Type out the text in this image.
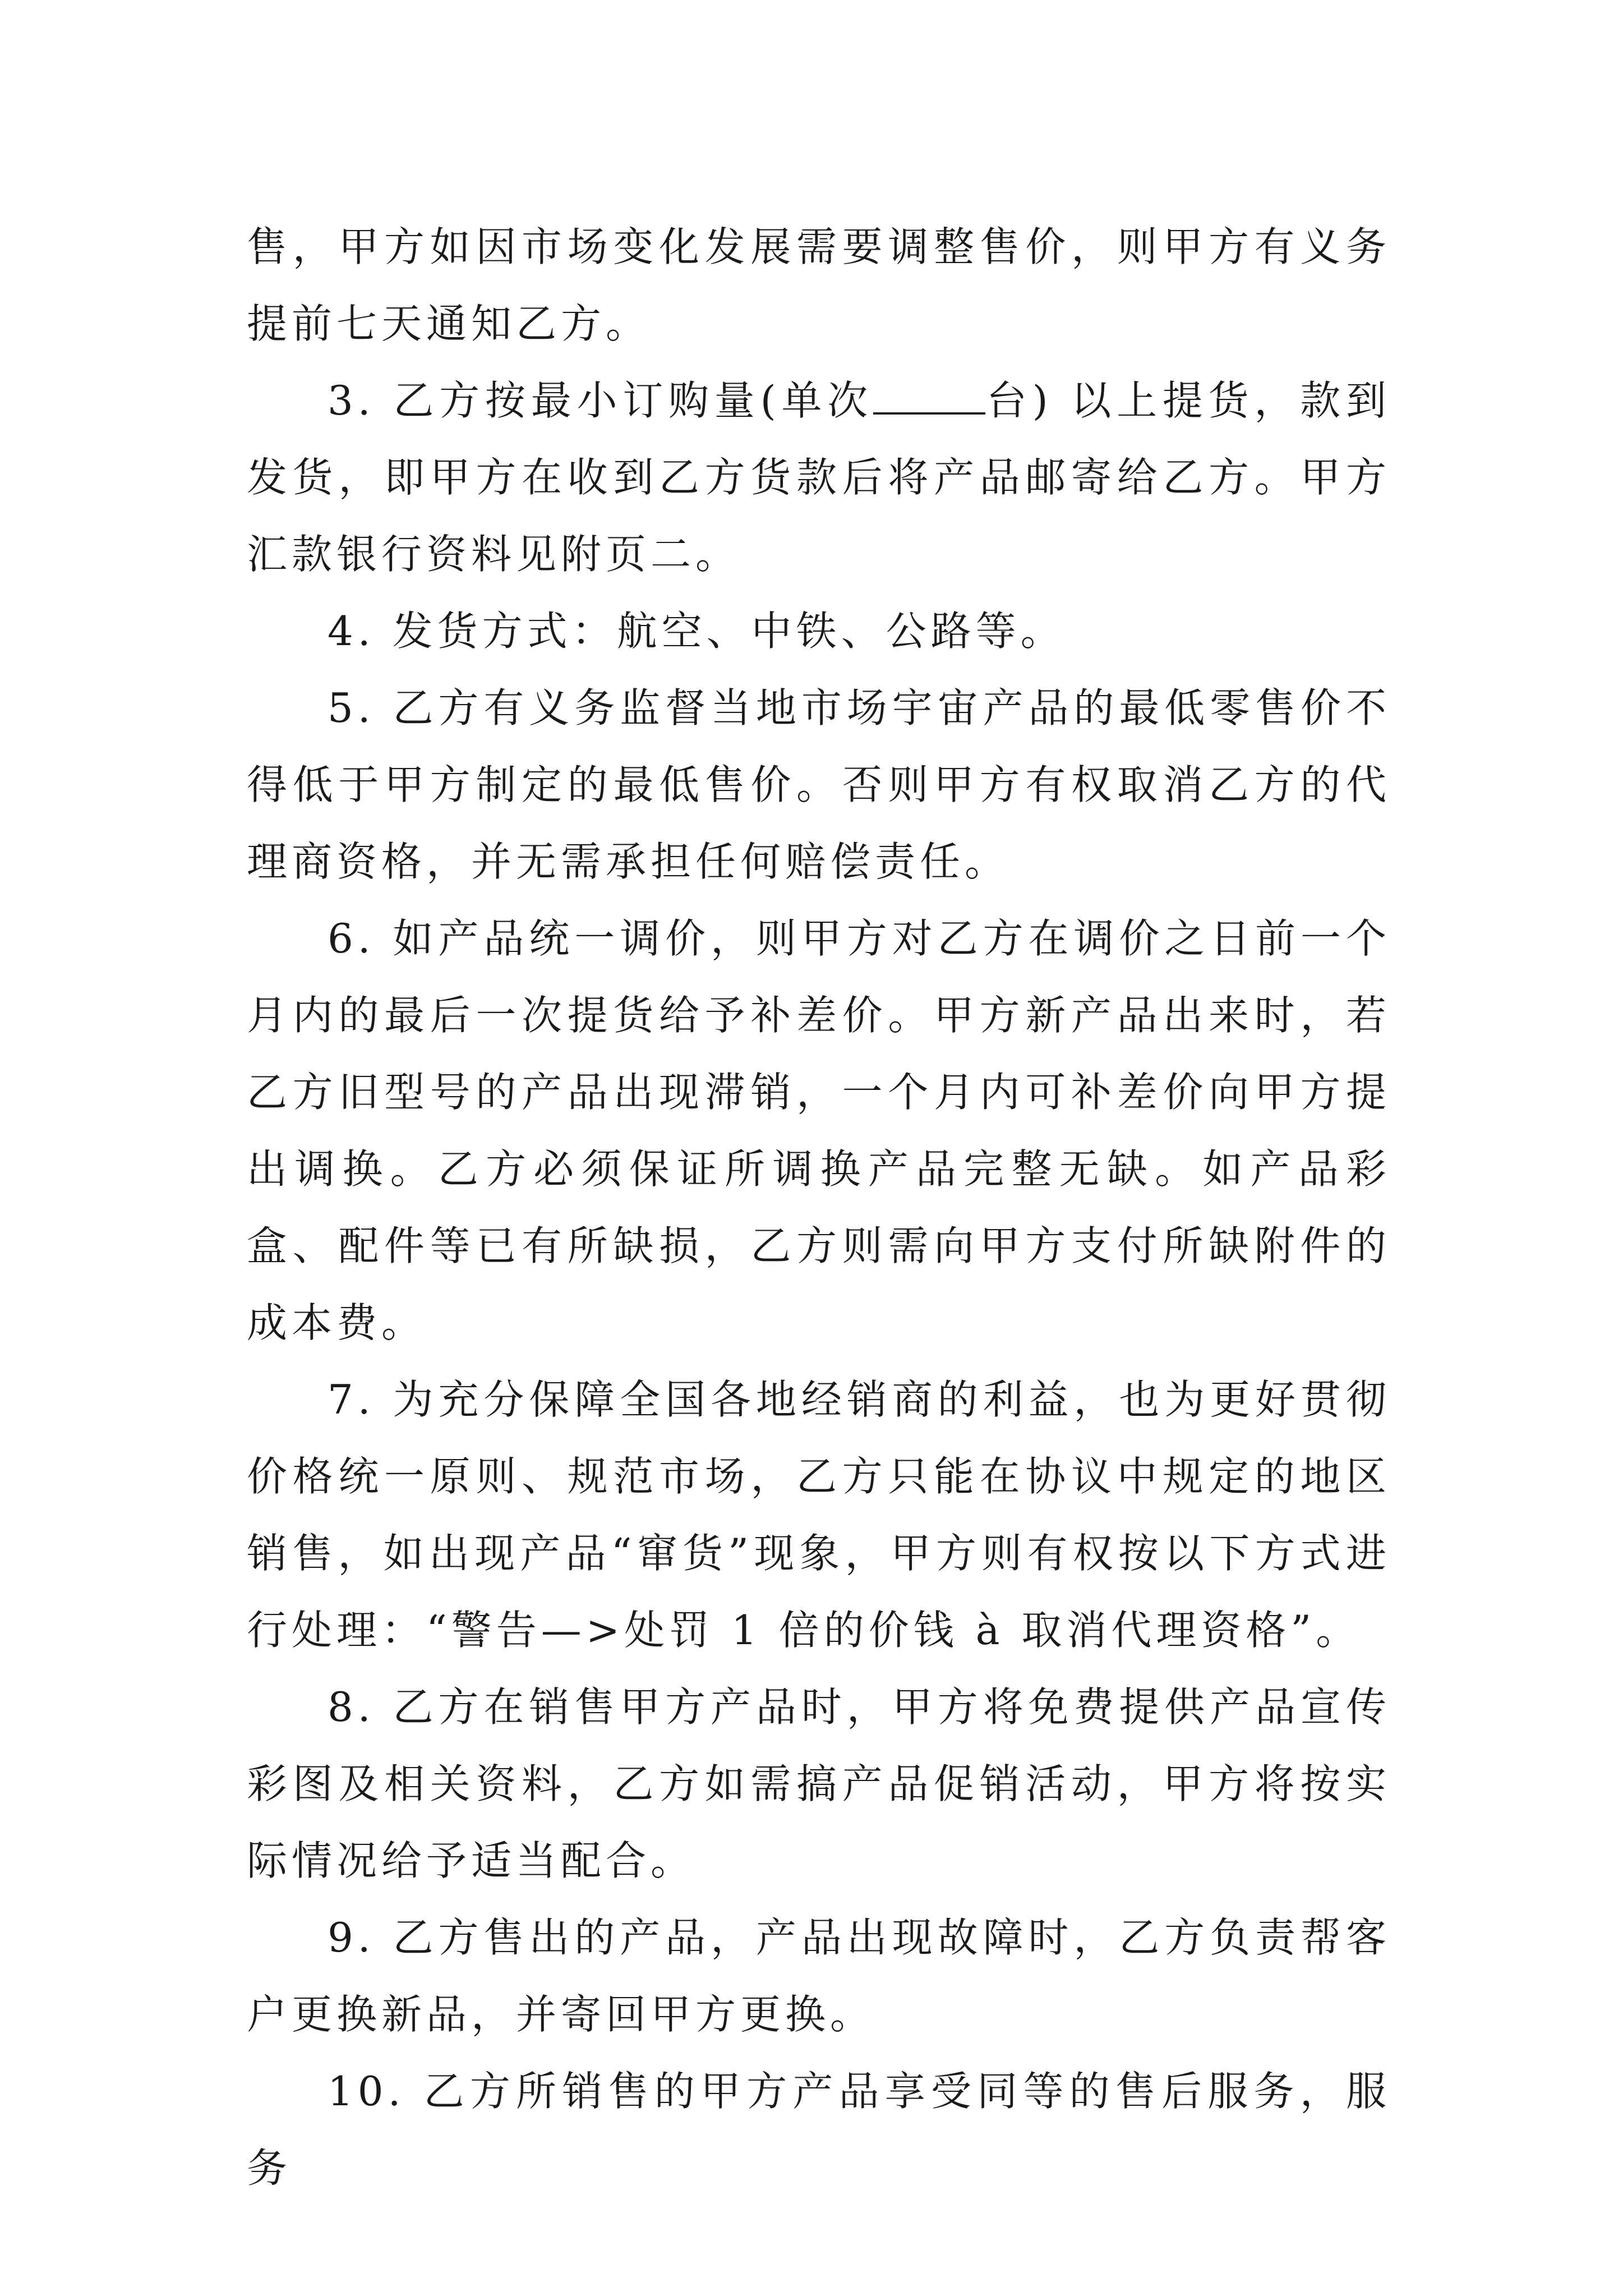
售，甲方如因市场变化发展需要调整售价，则甲方有义务提前七天通知乙方。

3. 乙方按最小订购量(单次	台) 以上提货，款到发货，即甲方在收到乙方货款后将产品邮寄给乙方。甲方汇款银行资料见附页二。

4. 发货方式：航空、中铁、公路等。

5. 乙方有义务监督当地市场宇宙产品的最低零售价不得低于甲方制定的最低售价。否则甲方有权取消乙方的代理商资格，并无需承担任何赔偿责任。

6. 如产品统一调价，则甲方对乙方在调价之日前一个月内的最后一次提货给予补差价。甲方新产品出来时，若乙方旧型号的产品出现滞销，一个月内可补差价向甲方提出调换。乙方必须保证所调换产品完整无缺。如产品彩盒、配件等已有所缺损，乙方则需向甲方支付所缺附件的成本费。

7. 为充分保障全国各地经销商的利益，也为更好贯彻价格统一原则、规范市场，乙方只能在协议中规定的地区销售，如出现产品“窜货”现象，甲方则有权按以下方式进行处理：“警告—>处罚 1 倍的价钱 à 取消代理资格”。

8. 乙方在销售甲方产品时，甲方将免费提供产品宣传彩图及相关资料，乙方如需搞产品促销活动，甲方将按实际情况给予适当配合。

9. 乙方售出的产品，产品出现故障时，乙方负责帮客户更换新品，并寄回甲方更换。

10. 乙方所销售的甲方产品享受同等的售后服务，服务
